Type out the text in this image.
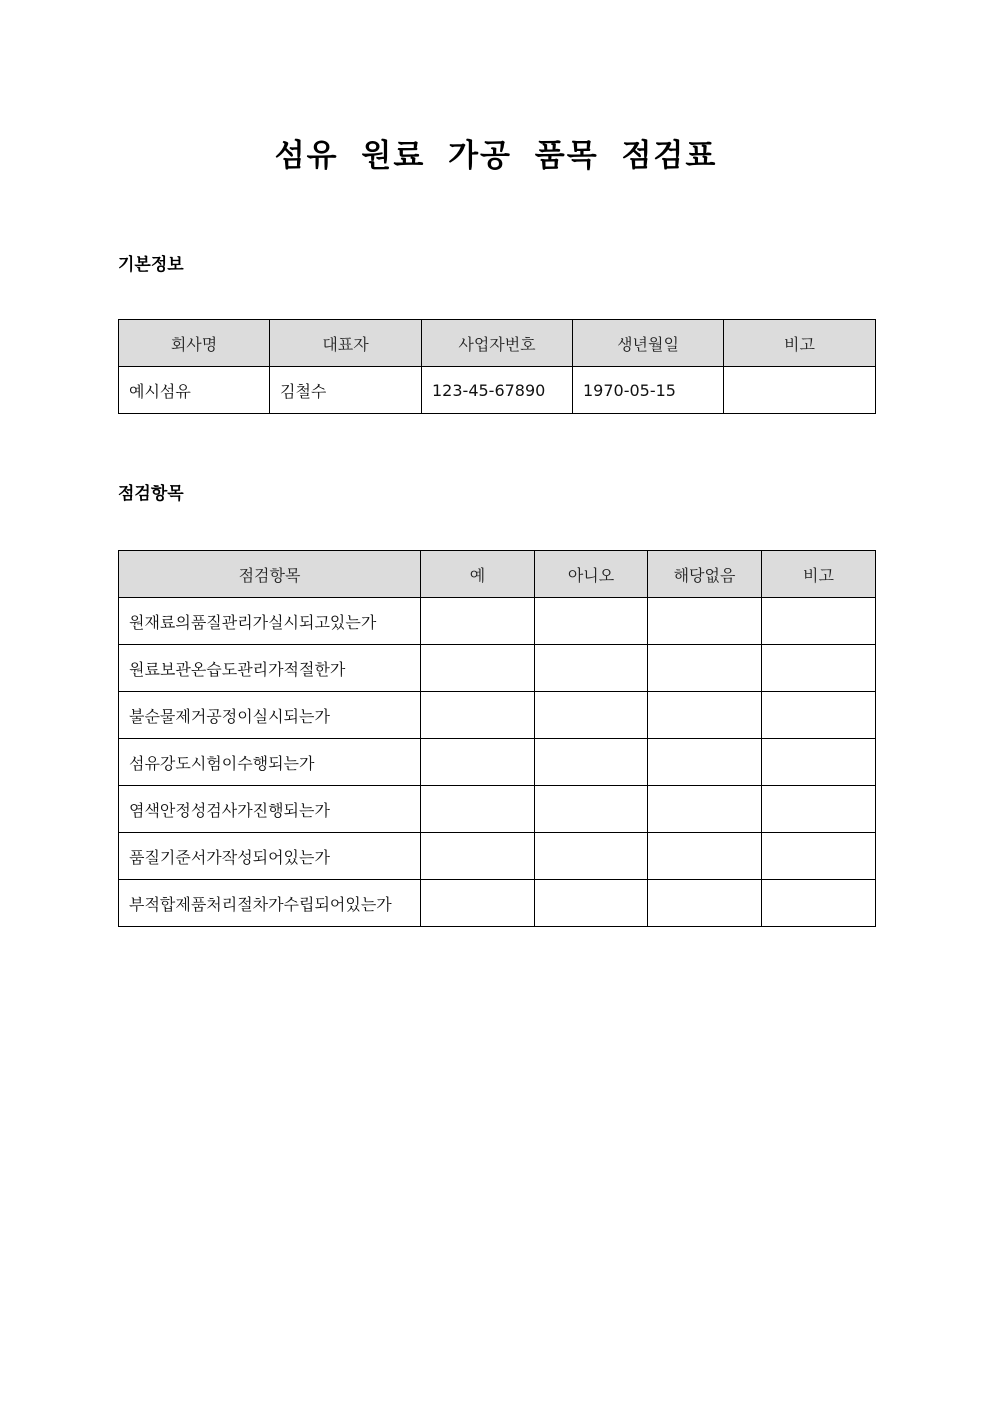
섬유 원료 가공 품목 점검표
기본정보
회사명	대표자	사업자번호	생년월일	비고
예시섬유	김철수	123-45-67890	1970-05-15	
점검항목
점검항목	예	아니오	해당없음	비고
원재료의품질관리가실시되고있는가				
원료보관온습도관리가적절한가				
불순물제거공정이실시되는가				
섬유강도시험이수행되는가				
염색안정성검사가진행되는가				
품질기준서가작성되어있는가				
부적합제품처리절차가수립되어있는가				
